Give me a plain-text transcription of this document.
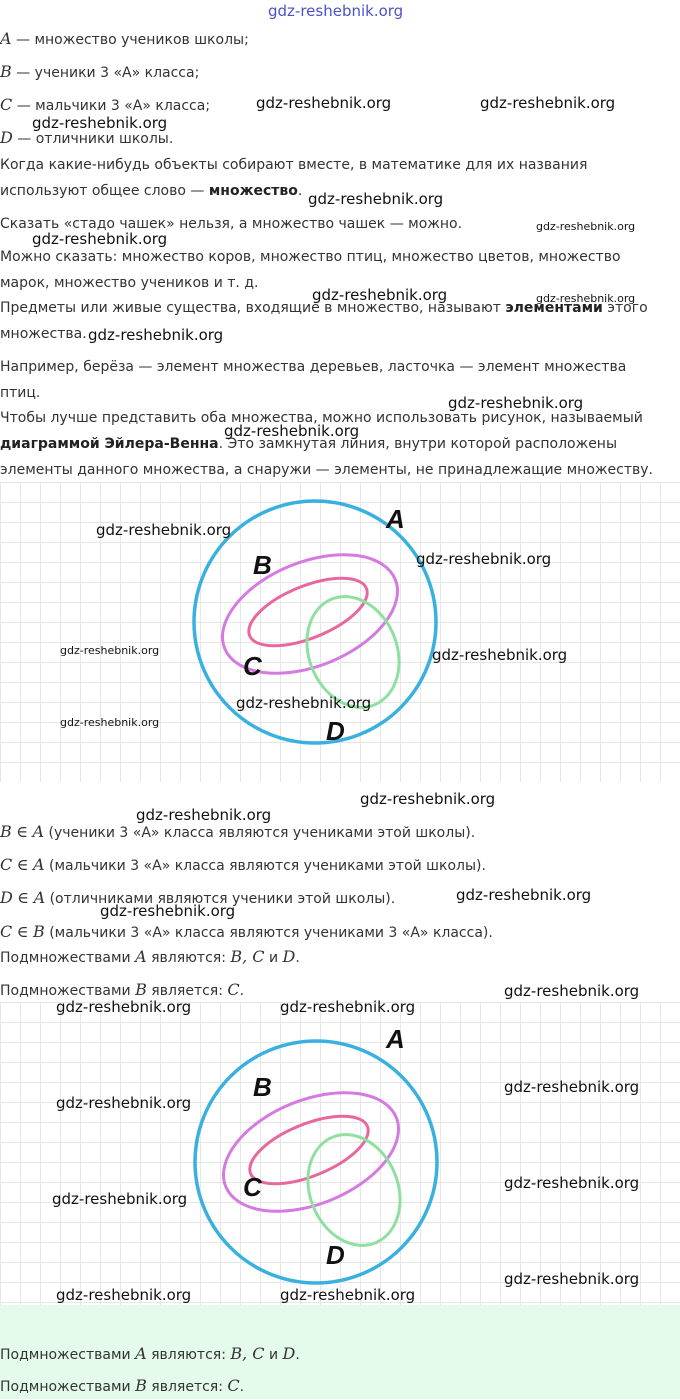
gdz-reshebnik.org

A — множество учеников школы;

B — ученики 3 «А» класса;

C — мальчики 3 «А» класса;

D — отличники школы.

Когда какие-нибудь объекты собирают вместе, в математике для их названия

используют общее слово — множество.

Сказать «стадо чашек» нельзя, а множество чашек — можно.

Можно сказать: множество коров, множество птиц, множество цветов, множество

марок, множество учеников и т. д.

Предметы или живые существа, входящие в множество, называют элементами этого

множества.

Например, берёза — элемент множества деревьев, ласточка — элемент множества

птиц.

Чтобы лучше представить оба множества, можно использовать рисунок, называемый

диаграммой Эйлера-Венна. Это замкнутая линия, внутри которой расположены

элементы данного множества, а снаружи — элементы, не принадлежащие множеству.

A
B
C
D

B ∈ A (ученики 3 «А» класса являются учениками этой школы).

C ∈ A (мальчики 3 «А» класса являются учениками этой школы).

D ∈ A (отличниками являются ученики этой школы).

C ∈ B (мальчики 3 «А» класса являются учениками 3 «А» класса).

Подмножествами A являются: B, C и D.

Подмножествами B является: C.

A
B
C
D

Подмножествами A являются: B, C и D.

Подмножествами B является: C.

gdz-reshebnik.org	gdz-reshebnik.org
gdz-reshebnik.org
gdz-reshebnik.org
gdz-reshebnik.org
gdz-reshebnik.org
gdz-reshebnik.org	gdz-reshebnik.org
gdz-reshebnik.org
gdz-reshebnik.org
gdz-reshebnik.org
gdz-reshebnik.org
gdz-reshebnik.org
gdz-reshebnik.org	gdz-reshebnik.org
gdz-reshebnik.org
gdz-reshebnik.org
gdz-reshebnik.org
gdz-reshebnik.org
gdz-reshebnik.org
gdz-reshebnik.org
gdz-reshebnik.org
gdz-reshebnik.org	gdz-reshebnik.org
gdz-reshebnik.org
gdz-reshebnik.org
gdz-reshebnik.org
gdz-reshebnik.org
gdz-reshebnik.org
gdz-reshebnik.org	gdz-reshebnik.org
